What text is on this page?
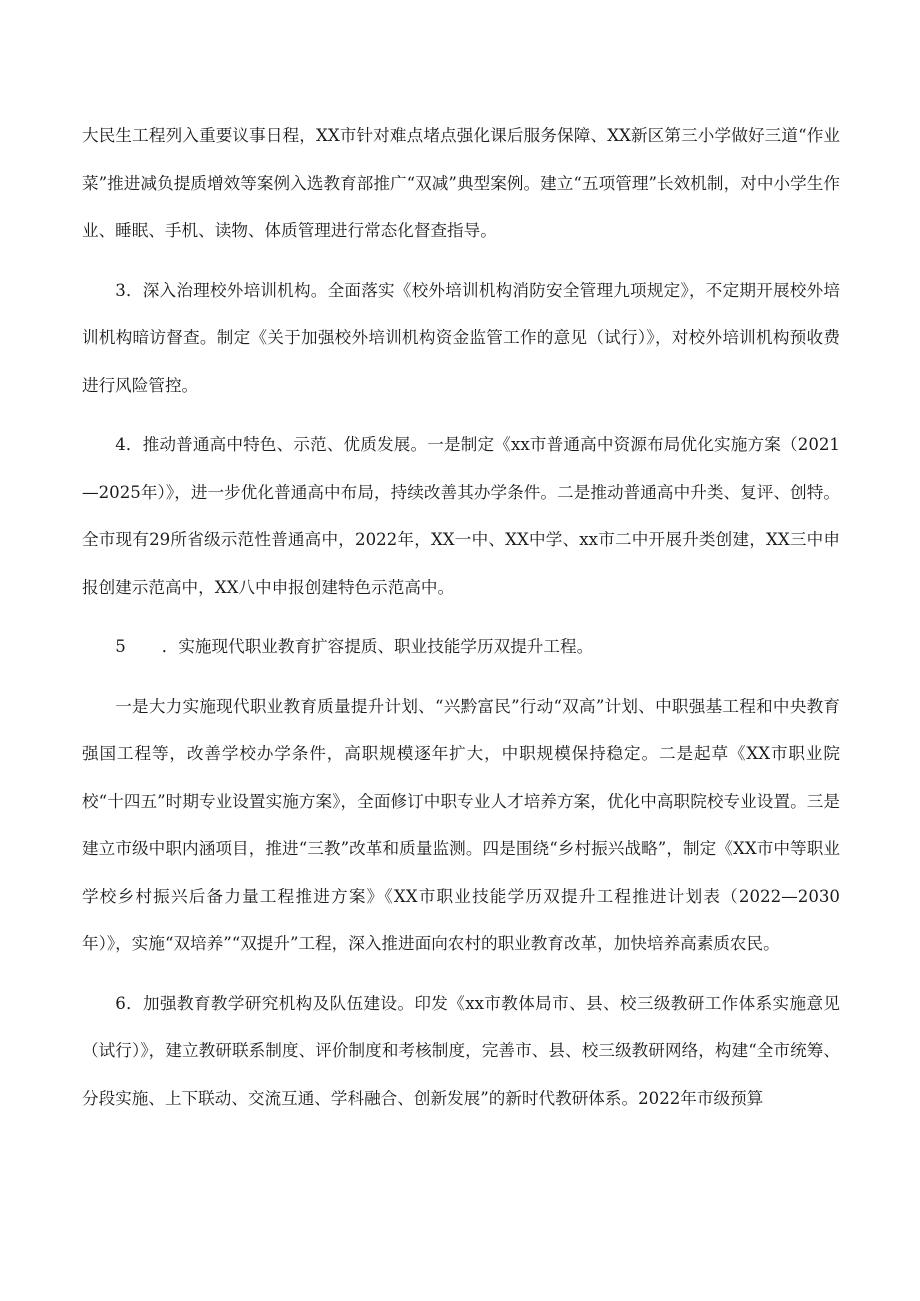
大民生工程列入重要议事日程，XX市针对难点堵点强化课后服务保障、XX新区第三小学做好三道“作业菜”推进减负提质增效等案例入选教育部推广“双减”典型案例。建立“五项管理”长效机制，对中小学生作业、睡眠、手机、读物、体质管理进行常态化督查指导。

3．深入治理校外培训机构。全面落实《校外培训机构消防安全管理九项规定》，不定期开展校外培训机构暗访督查。制定《关于加强校外培训机构资金监管工作的意见（试行）》，对校外培训机构预收费进行风险管控。

4．推动普通高中特色、示范、优质发展。一是制定《xx市普通高中资源布局优化实施方案（2021—2025年）》，进一步优化普通高中布局，持续改善其办学条件。二是推动普通高中升类、复评、创特。全市现有29所省级示范性普通高中，2022年，XX一中、XX中学、xx市二中开展升类创建，XX三中申报创建示范高中，XX八中申报创建特色示范高中。

5 ．实施现代职业教育扩容提质、职业技能学历双提升工程。

一是大力实施现代职业教育质量提升计划、“兴黔富民”行动“双高”计划、中职强基工程和中央教育强国工程等，改善学校办学条件，高职规模逐年扩大，中职规模保持稳定。二是起草《XX市职业院校“十四五”时期专业设置实施方案》，全面修订中职专业人才培养方案，优化中高职院校专业设置。三是建立市级中职内涵项目，推进“三教”改革和质量监测。四是围绕“乡村振兴战略”，制定《XX市中等职业学校乡村振兴后备力量工程推进方案》《XX市职业技能学历双提升工程推进计划表（2022—2030年）》，实施“双培养”“双提升”工程，深入推进面向农村的职业教育改革，加快培养高素质农民。

6．加强教育教学研究机构及队伍建设。印发《xx市教体局市、县、校三级教研工作体系实施意见（试行）》，建立教研联系制度、评价制度和考核制度，完善市、县、校三级教研网络，构建“全市统筹、分段实施、上下联动、交流互通、学科融合、创新发展”的新时代教研体系。2022年市级预算
